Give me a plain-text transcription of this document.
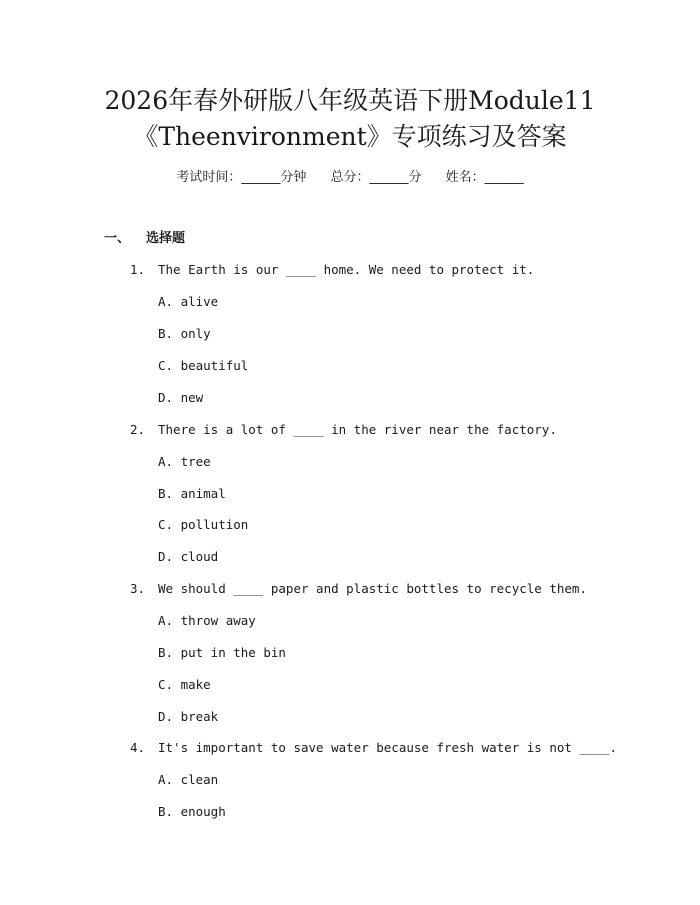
2026年春外研版八年级英语下册Module11
《Theenvironment》专项练习及答案
考试时间：______分钟 总分：______分 姓名：______
一、 选择题
1. The Earth is our ____ home. We need to protect it.
A. alive
B. only
C. beautiful
D. new
2. There is a lot of ____ in the river near the factory.
A. tree
B. animal
C. pollution
D. cloud
3. We should ____ paper and plastic bottles to recycle them.
A. throw away
B. put in the bin
C. make
D. break
4. It's important to save water because fresh water is not ____.
A. clean
B. enough
